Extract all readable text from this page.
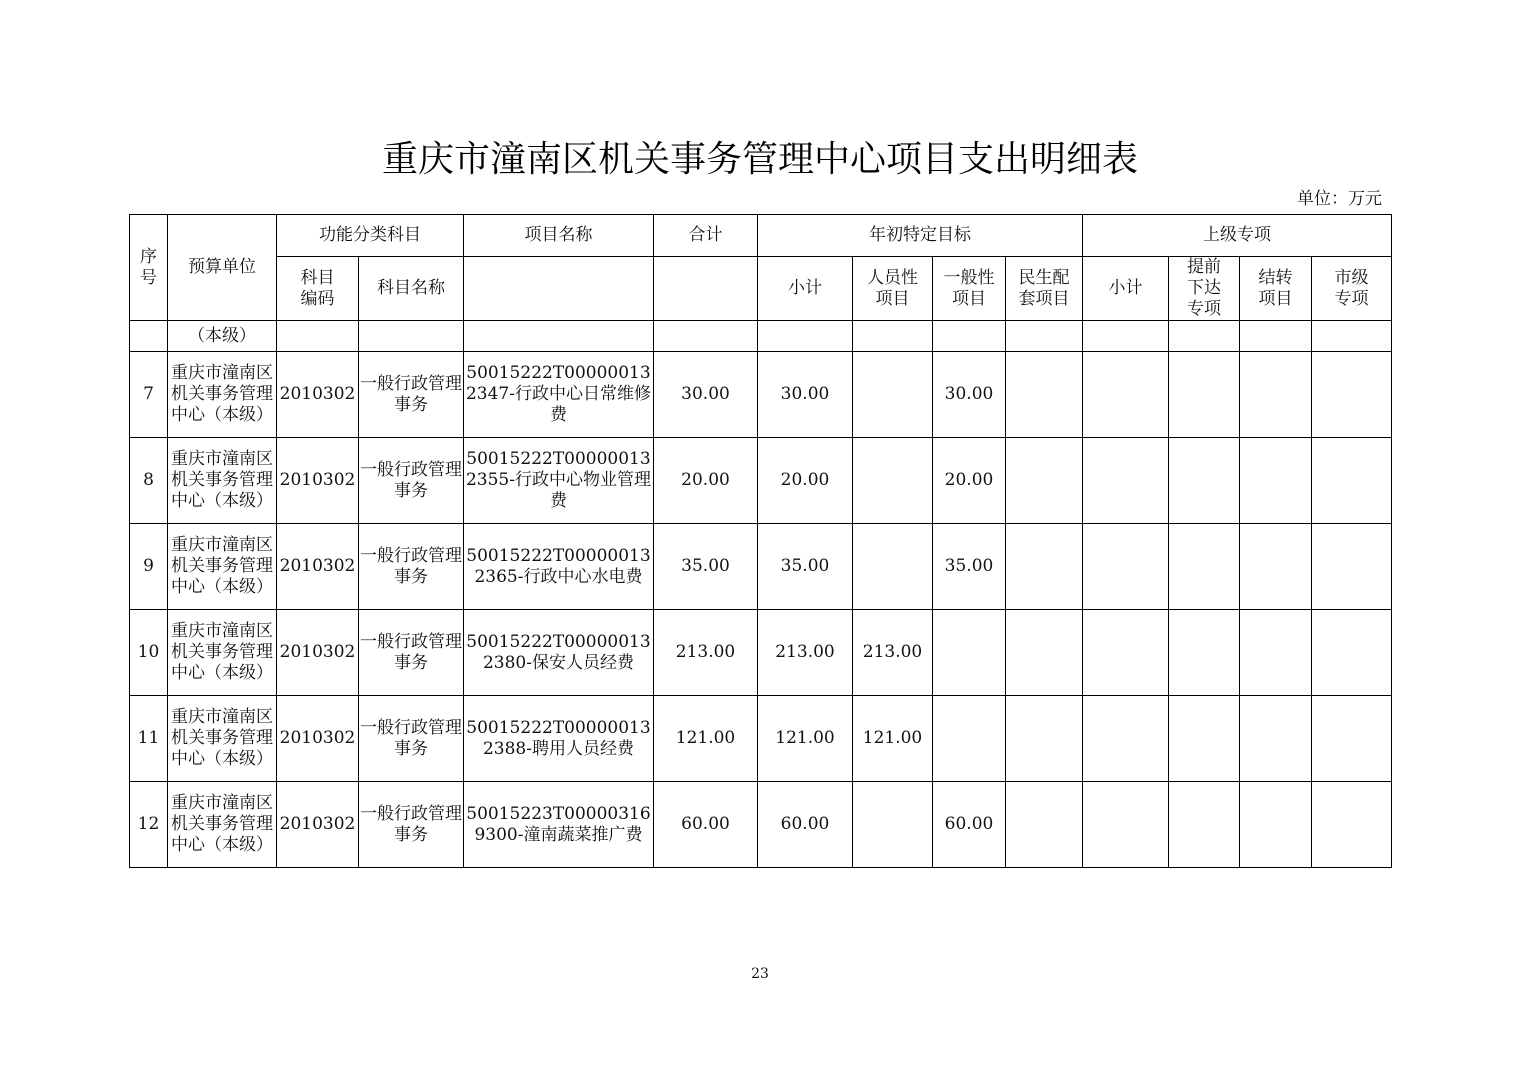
重庆市潼南区机关事务管理中心项目支出明细表
单位：万元
序号	预算单位	功能分类科目		项目名称	合计	年初特定目标				上级专项			
		科目编码	科目名称			小计	人员性项目	一般性项目	民生配套项目	小计	提前下达专项	结转项目	市级专项
	（本级）												
7	重庆市潼南区机关事务管理中心（本级）	2010302	一般行政管理事务	50015222T000000132347-行政中心日常维修费	30.00	30.00		30.00					
8	重庆市潼南区机关事务管理中心（本级）	2010302	一般行政管理事务	50015222T000000132355-行政中心物业管理费	20.00	20.00		20.00					
9	重庆市潼南区机关事务管理中心（本级）	2010302	一般行政管理事务	50015222T000000132365-行政中心水电费	35.00	35.00		35.00					
10	重庆市潼南区机关事务管理中心（本级）	2010302	一般行政管理事务	50015222T000000132380-保安人员经费	213.00	213.00	213.00						
11	重庆市潼南区机关事务管理中心（本级）	2010302	一般行政管理事务	50015222T000000132388-聘用人员经费	121.00	121.00	121.00						
12	重庆市潼南区机关事务管理中心（本级）	2010302	一般行政管理事务	50015223T000003169300-潼南蔬菜推广费	60.00	60.00		60.00					
23
